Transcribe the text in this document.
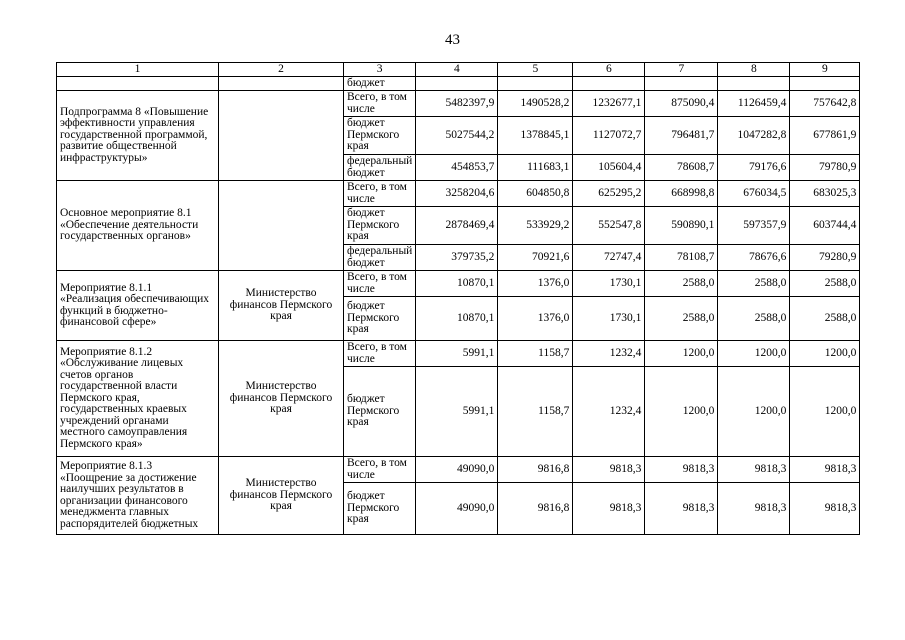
43
1	2	3	4	5	6	7	8	9
		бюджет						
Подпрограмма 8 «Повышение эффективности управления государственной программой, развитие общественной инфраструктуры»		Всего, в том числе	5482397,9	1490528,2	1232677,1	875090,4	1126459,4	757642,8
		бюджет Пермского края	5027544,2	1378845,1	1127072,7	796481,7	1047282,8	677861,9
		федеральный бюджет	454853,7	111683,1	105604,4	78608,7	79176,6	79780,9
Основное мероприятие 8.1 «Обеспечение деятельности государственных органов»		Всего, в том числе	3258204,6	604850,8	625295,2	668998,8	676034,5	683025,3
		бюджет Пермского края	2878469,4	533929,2	552547,8	590890,1	597357,9	603744,4
		федеральный бюджет	379735,2	70921,6	72747,4	78108,7	78676,6	79280,9
Мероприятие 8.1.1 «Реализация обеспечивающих функций в бюджетно-финансовой сфере»	Министерство финансов Пермского края	Всего, в том числе	10870,1	1376,0	1730,1	2588,0	2588,0	2588,0
		бюджет Пермского края	10870,1	1376,0	1730,1	2588,0	2588,0	2588,0
Мероприятие 8.1.2 «Обслуживание лицевых счетов органов государственной власти Пермского края, государственных краевых учреждений органами местного самоуправления Пермского края»	Министерство финансов Пермского края	Всего, в том числе	5991,1	1158,7	1232,4	1200,0	1200,0	1200,0
		бюджет Пермского края	5991,1	1158,7	1232,4	1200,0	1200,0	1200,0
Мероприятие 8.1.3 «Поощрение за достижение наилучших результатов в организации финансового менеджмента главных распорядителей бюджетных	Министерство финансов Пермского края	Всего, в том числе	49090,0	9816,8	9818,3	9818,3	9818,3	9818,3
		бюджет Пермского края	49090,0	9816,8	9818,3	9818,3	9818,3	9818,3
